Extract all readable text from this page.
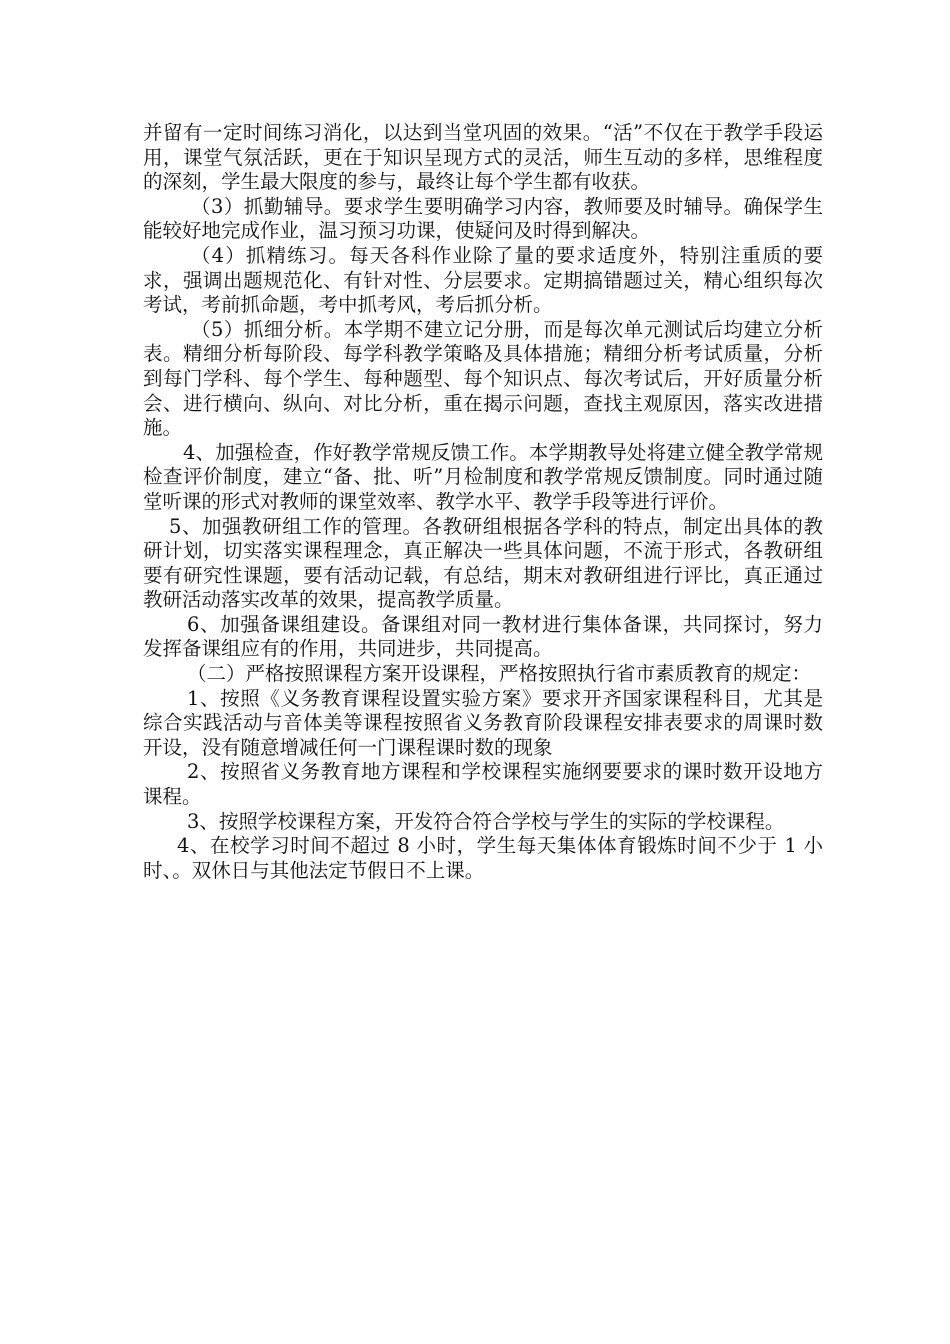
并留有一定时间练习消化，以达到当堂巩固的效果。“活”不仅在于教学手段运用，课堂气氛活跃，更在于知识呈现方式的灵活，师生互动的多样，思维程度的深刻，学生最大限度的参与，最终让每个学生都有收获。

（3）抓勤辅导。要求学生要明确学习内容，教师要及时辅导。确保学生能较好地完成作业，温习预习功课，使疑问及时得到解决。

（4）抓精练习。每天各科作业除了量的要求适度外，特别注重质的要求，强调出题规范化、有针对性、分层要求。定期搞错题过关，精心组织每次考试，考前抓命题，考中抓考风，考后抓分析。

（5）抓细分析。本学期不建立记分册，而是每次单元测试后均建立分析表。精细分析每阶段、每学科教学策略及具体措施；精细分析考试质量，分析到每门学科、每个学生、每种题型、每个知识点、每次考试后，开好质量分析会、进行横向、纵向、对比分析，重在揭示问题，查找主观原因，落实改进措施。

4、加强检查，作好教学常规反馈工作。本学期教导处将建立健全教学常规检查评价制度，建立“备、批、听”月检制度和教学常规反馈制度。同时通过随堂听课的形式对教师的课堂效率、教学水平、教学手段等进行评价。

5、加强教研组工作的管理。各教研组根据各学科的特点，制定出具体的教研计划，切实落实课程理念，真正解决一些具体问题，不流于形式，各教研组要有研究性课题，要有活动记载，有总结，期末对教研组进行评比，真正通过教研活动落实改革的效果，提高教学质量。

6、加强备课组建设。备课组对同一教材进行集体备课，共同探讨，努力发挥备课组应有的作用，共同进步，共同提高。

（二）严格按照课程方案开设课程，严格按照执行省市素质教育的规定：

1、按照《义务教育课程设置实验方案》要求开齐国家课程科目，尤其是综合实践活动与音体美等课程按照省义务教育阶段课程安排表要求的周课时数开设，没有随意增减任何一门课程课时数的现象

2、按照省义务教育地方课程和学校课程实施纲要要求的课时数开设地方课程。

3、按照学校课程方案，开发符合符合学校与学生的实际的学校课程。

4、在校学习时间不超过 8 小时，学生每天集体体育锻炼时间不少于 1 小时、。双休日与其他法定节假日不上课。
